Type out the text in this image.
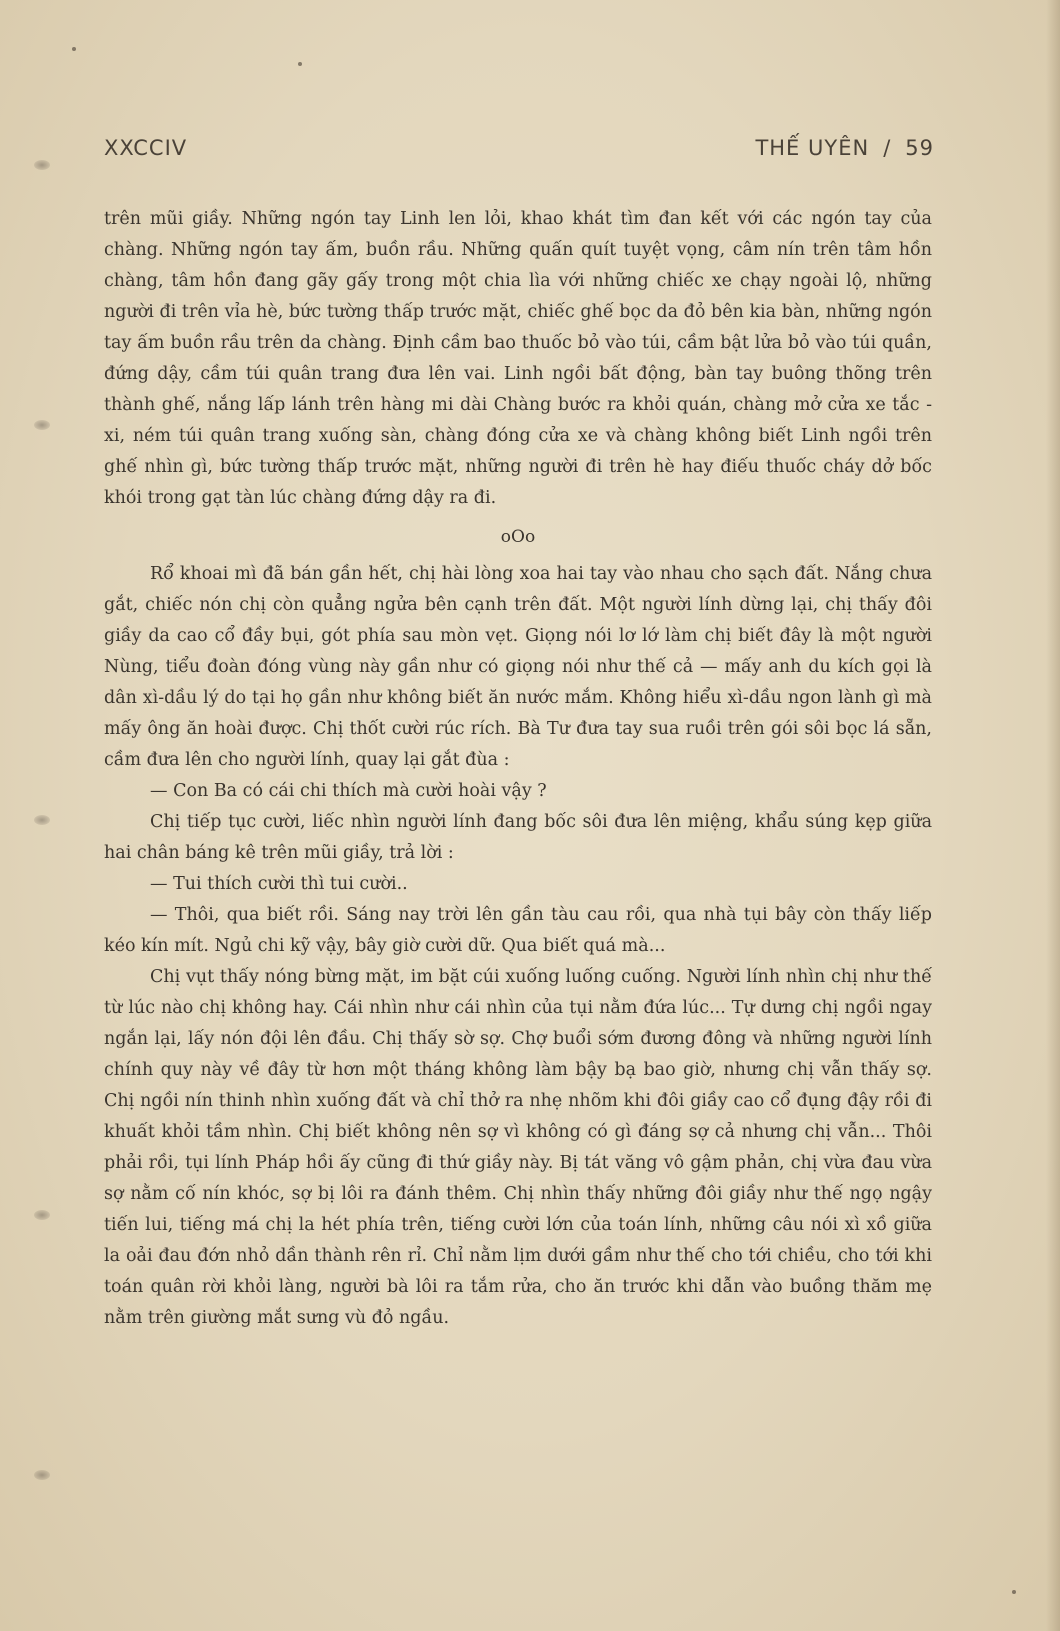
XXCCIV	THẾ UYÊN / 59

trên mũi giầy. Những ngón tay Linh len lỏi, khao khát tìm đan kết với các ngón tay của chàng. Những ngón tay ấm, buồn rầu. Những quấn quít tuyệt vọng, câm nín trên tâm hồn chàng, tâm hồn đang gãy gấy trong một chia lìa với những chiếc xe chạy ngoài lộ, những người đi trên vỉa hè, bức tường thấp trước mặt, chiếc ghế bọc da đỏ bên kia bàn, những ngón tay ấm buồn rầu trên da chàng. Định cầm bao thuốc bỏ vào túi, cầm bật lửa bỏ vào túi quần, đứng dậy, cầm túi quân trang đưa lên vai. Linh ngồi bất động, bàn tay buông thõng trên thành ghế, nắng lấp lánh trên hàng mi dài Chàng bước ra khỏi quán, chàng mở cửa xe tắc - xi, ném túi quân trang xuống sàn, chàng đóng cửa xe và chàng không biết Linh ngồi trên ghế nhìn gì, bức tường thấp trước mặt, những người đi trên hè hay điếu thuốc cháy dở bốc khói trong gạt tàn lúc chàng đứng dậy ra đi.

oOo

Rổ khoai mì đã bán gần hết, chị hài lòng xoa hai tay vào nhau cho sạch đất. Nắng chưa gắt, chiếc nón chị còn quẳng ngửa bên cạnh trên đất. Một người lính dừng lại, chị thấy đôi giầy da cao cổ đầy bụi, gót phía sau mòn vẹt. Giọng nói lơ lớ làm chị biết đây là một người Nùng, tiểu đoàn đóng vùng này gần như có giọng nói như thế cả — mấy anh du kích gọi là dân xì-dầu lý do tại họ gần như không biết ăn nước mắm. Không hiểu xì-dầu ngon lành gì mà mấy ông ăn hoài được. Chị thốt cười rúc rích. Bà Tư đưa tay sua ruồi trên gói sôi bọc lá sẵn, cầm đưa lên cho người lính, quay lại gắt đùa :

— Con Ba có cái chi thích mà cười hoài vậy ?

Chị tiếp tục cười, liếc nhìn người lính đang bốc sôi đưa lên miệng, khẩu súng kẹp giữa hai chân báng kê trên mũi giầy, trả lời :

— Tui thích cười thì tui cười..

— Thôi, qua biết rồi. Sáng nay trời lên gần tàu cau rồi, qua nhà tụi bây còn thấy liếp kéo kín mít. Ngủ chi kỹ vậy, bây giờ cười dữ. Qua biết quá mà...

Chị vụt thấy nóng bừng mặt, im bặt cúi xuống luống cuống. Người lính nhìn chị như thế từ lúc nào chị không hay. Cái nhìn như cái nhìn của tụi nằm đứa lúc... Tự dưng chị ngồi ngay ngắn lại, lấy nón đội lên đầu. Chị thấy sờ sợ. Chợ buổi sớm đương đông và những người lính chính quy này về đây từ hơn một tháng không làm bậy bạ bao giờ, nhưng chị vẫn thấy sợ. Chị ngồi nín thinh nhìn xuống đất và chỉ thở ra nhẹ nhõm khi đôi giầy cao cổ đụng đậy rồi đi khuất khỏi tầm nhìn. Chị biết không nên sợ vì không có gì đáng sợ cả nhưng chị vẫn... Thôi phải rồi, tụi lính Pháp hồi ấy cũng đi thứ giầy này. Bị tát văng vô gậm phản, chị vừa đau vừa sợ nằm cố nín khóc, sợ bị lôi ra đánh thêm. Chị nhìn thấy những đôi giầy như thế ngọ ngậy tiến lui, tiếng má chị la hét phía trên, tiếng cười lớn của toán lính, những câu nói xì xồ giữa la oải đau đớn nhỏ dần thành rên rỉ. Chỉ nằm lịm dưới gầm như thế cho tới chiều, cho tới khi toán quân rời khỏi làng, người bà lôi ra tắm rửa, cho ăn trước khi dẫn vào buồng thăm mẹ nằm trên giường mắt sưng vù đỏ ngầu.
